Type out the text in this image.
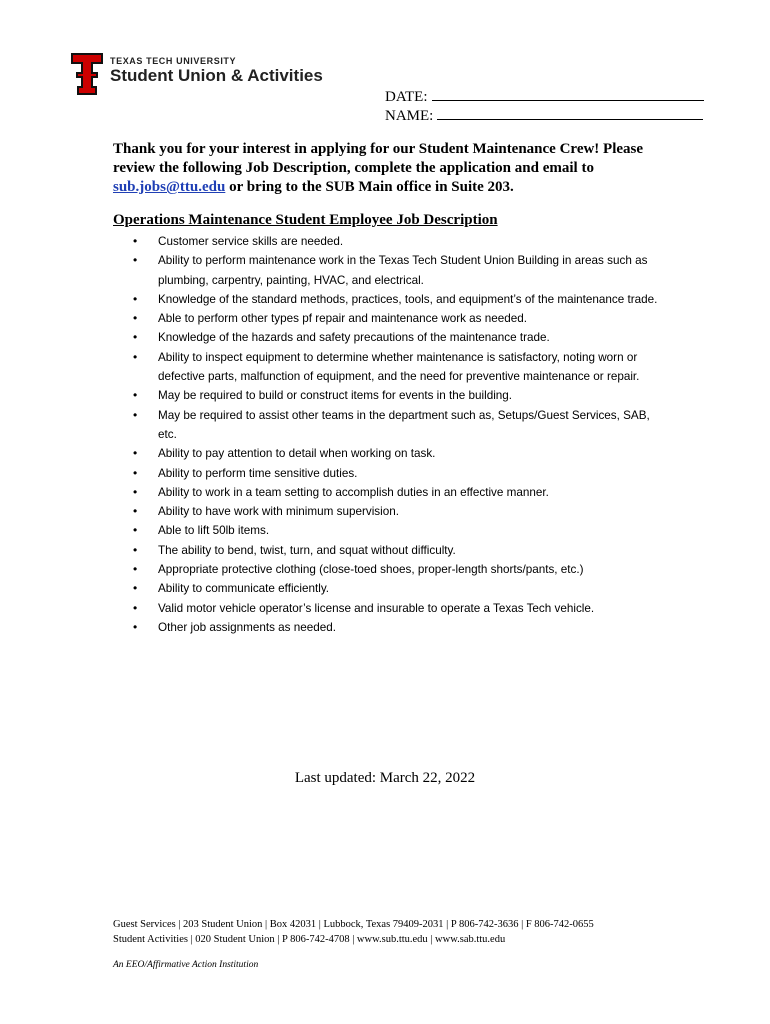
TEXAS TECH UNIVERSITY
Student Union & Activities
DATE:
NAME:
Thank you for your interest in applying for our Student Maintenance Crew! Please review the following Job Description, complete the application and email to sub.jobs@ttu.edu or bring to the SUB Main office in Suite 203.
Operations Maintenance Student Employee Job Description
• Customer service skills are needed.
• Ability to perform maintenance work in the Texas Tech Student Union Building in areas such as plumbing, carpentry, painting, HVAC, and electrical.
• Knowledge of the standard methods, practices, tools, and equipment’s of the maintenance trade.
• Able to perform other types pf repair and maintenance work as needed.
• Knowledge of the hazards and safety precautions of the maintenance trade.
• Ability to inspect equipment to determine whether maintenance is satisfactory, noting worn or defective parts, malfunction of equipment, and the need for preventive maintenance or repair.
• May be required to build or construct items for events in the building.
• May be required to assist other teams in the department such as, Setups/Guest Services, SAB, etc.
• Ability to pay attention to detail when working on task.
• Ability to perform time sensitive duties.
• Ability to work in a team setting to accomplish duties in an effective manner.
• Ability to have work with minimum supervision.
• Able to lift 50lb items.
• The ability to bend, twist, turn, and squat without difficulty.
• Appropriate protective clothing (close-toed shoes, proper-length shorts/pants, etc.)
• Ability to communicate efficiently.
• Valid motor vehicle operator’s license and insurable to operate a Texas Tech vehicle.
• Other job assignments as needed.
Last updated: March 22, 2022
Guest Services | 203 Student Union | Box 42031 | Lubbock, Texas 79409-2031 | P 806-742-3636 | F 806-742-0655
Student Activities | 020 Student Union | P 806-742-4708 | www.sub.ttu.edu | www.sab.ttu.edu
An EEO/Affirmative Action Institution
